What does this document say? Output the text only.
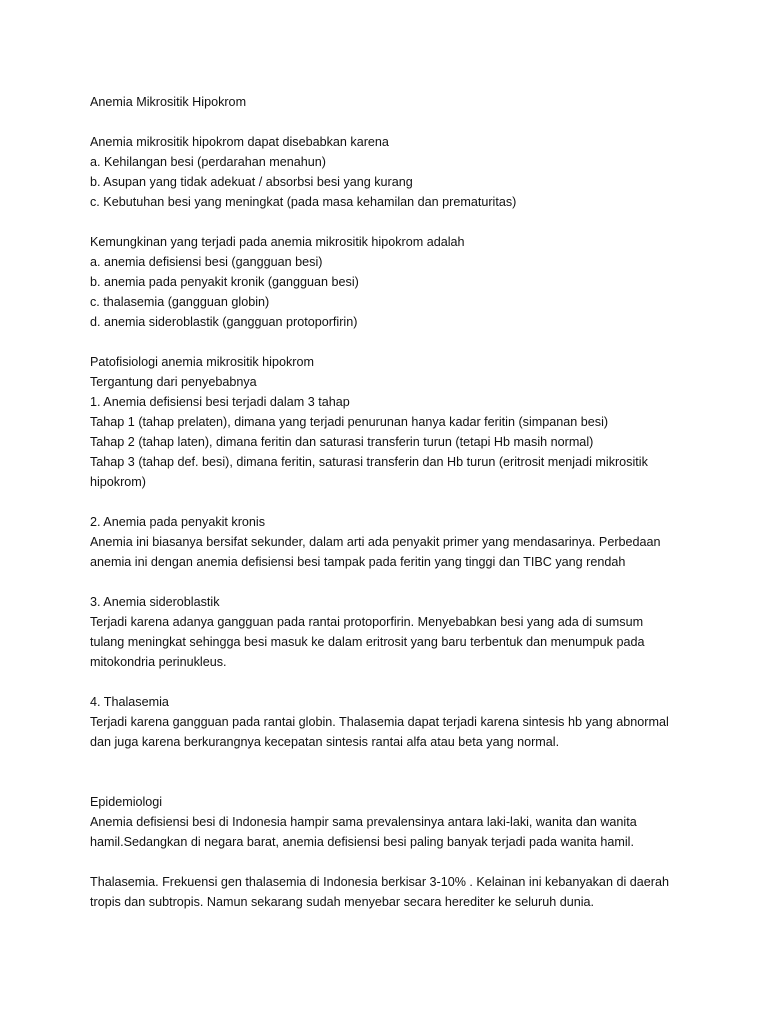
Anemia Mikrositik Hipokrom
Anemia mikrositik hipokrom dapat disebabkan karena
a. Kehilangan besi (perdarahan menahun)
b. Asupan yang tidak adekuat / absorbsi besi yang kurang
c. Kebutuhan besi yang meningkat (pada masa kehamilan dan prematuritas)
Kemungkinan yang terjadi pada anemia mikrositik hipokrom adalah
a. anemia defisiensi besi (gangguan besi)
b. anemia pada penyakit kronik (gangguan besi)
c. thalasemia (gangguan globin)
d. anemia sideroblastik (gangguan protoporfirin)
Patofisiologi anemia mikrositik hipokrom
Tergantung dari penyebabnya
1. Anemia defisiensi besi terjadi dalam 3 tahap
Tahap 1 (tahap prelaten), dimana yang terjadi penurunan hanya kadar feritin (simpanan besi)
Tahap 2 (tahap laten), dimana feritin dan saturasi transferin turun (tetapi Hb masih normal)
Tahap 3 (tahap def. besi), dimana feritin, saturasi transferin dan Hb turun (eritrosit menjadi mikrositik
hipokrom)
2. Anemia pada penyakit kronis
Anemia ini biasanya bersifat sekunder, dalam arti ada penyakit primer yang mendasarinya. Perbedaan
anemia ini dengan anemia defisiensi besi tampak pada feritin yang tinggi dan TIBC yang rendah
3. Anemia sideroblastik
Terjadi karena adanya gangguan pada rantai protoporfirin. Menyebabkan besi yang ada di sumsum
tulang meningkat sehingga besi masuk ke dalam eritrosit yang baru terbentuk dan menumpuk pada
mitokondria perinukleus.
4. Thalasemia
Terjadi karena gangguan pada rantai globin. Thalasemia dapat terjadi karena sintesis hb yang abnormal
dan juga karena berkurangnya kecepatan sintesis rantai alfa atau beta yang normal.
Epidemiologi
Anemia defisiensi besi di Indonesia hampir sama prevalensinya antara laki-laki, wanita dan wanita
hamil.Sedangkan di negara barat, anemia defisiensi besi paling banyak terjadi pada wanita hamil.
Thalasemia. Frekuensi gen thalasemia di Indonesia berkisar 3-10% . Kelainan ini kebanyakan di daerah
tropis dan subtropis. Namun sekarang sudah menyebar secara herediter ke seluruh dunia.
